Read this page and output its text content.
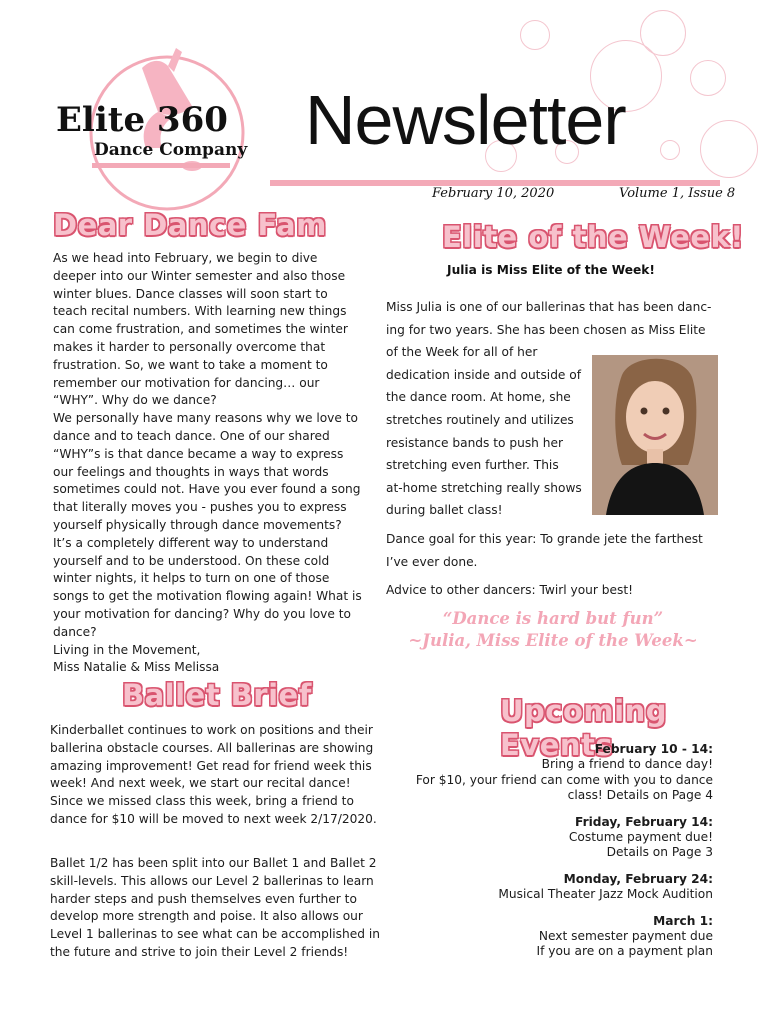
Elite 360
Dance Company Newsletter
February 10, 2020	Volume 1, Issue 8
Dear Dance Fam

As we head into February, we begin to dive deeper into our Winter semester and also those winter blues. Dance classes will soon start to teach recital numbers. With learning new things can come frustration, and sometimes the winter makes it harder to personally overcome that frustration. So, we want to take a moment to remember our motivation for dancing… our “WHY”. Why do we dance?

We personally have many reasons why we love to dance and to teach dance. One of our shared “WHY”s is that dance became a way to express our feelings and thoughts in ways that words sometimes could not. Have you ever found a song that literally moves you - pushes you to express yourself physically through dance movements? It’s a completely different way to understand yourself and to be understood. On these cold winter nights, it helps to turn on one of those songs to get the motivation flowing again! What is your motivation for dancing? Why do you love to dance?

Living in the Movement,

Miss Natalie & Miss Melissa

Elite of the Week!
Julia is Miss Elite of the Week!

Miss Julia is one of our ballerinas that has been danc-

ing for two years. She has been chosen as Miss Elite

of the Week for all of her

dedication inside and outside of

the dance room. At home, she

stretches routinely and utilizes

resistance bands to push her

stretching even further. This

at-home stretching really shows

during ballet class!

Dance goal for this year: To grande jete the farthest I’ve ever done.

Advice to other dancers: Twirl your best!

“Dance is hard but fun”
~Julia, Miss Elite of the Week~
Ballet Brief
Kinderballet continues to work on positions and their ballerina obstacle courses. All ballerinas are showing amazing improvement! Get read for friend week this week! And next week, we start our recital dance! Since we missed class this week, bring a friend to dance for $10 will be moved to next week 2/17/2020.
Ballet 1/2 has been split into our Ballet 1 and Ballet 2 skill-levels. This allows our Level 2 ballerinas to learn harder steps and push themselves even further to develop more strength and poise. It also allows our Level 1 ballerinas to see what can be accomplished in the future and strive to join their Level 2 friends!
Upcoming Events
February 10 - 14:
Bring a friend to dance day!
For $10, your friend can come with you to dance class! Details on Page 4
Friday, February 14:
Costume payment due!
Details on Page 3
Monday, February 24:
Musical Theater Jazz Mock Audition
March 1:
Next semester payment due
If you are on a payment plan
